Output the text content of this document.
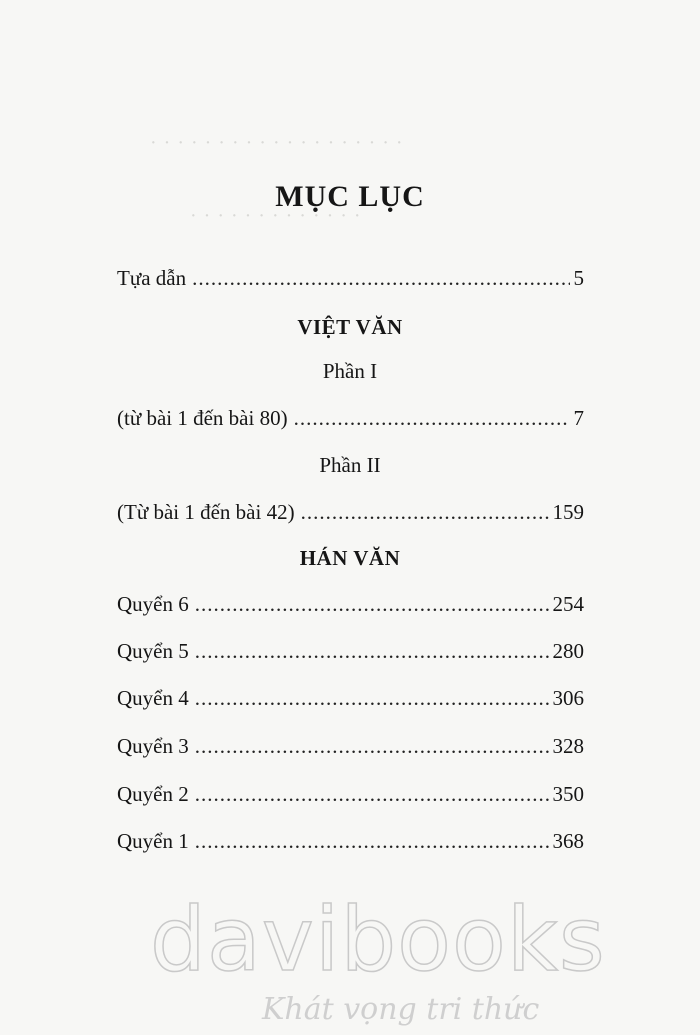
· · · · · · · · · · · · · · · · · · ·
· · · · · · · · · · · · ·
MỤC LỤC
Tựa dẫn .....	5
VIỆT VĂN
Phần I
(từ bài 1 đến bài 80) .....	7
Phần II
(Từ bài 1 đến bài 42) .....	159
HÁN VĂN
Quyển 6 .....	254
Quyển 5 .....	280
Quyển 4 .....	306
Quyển 3 .....	328
Quyển 2 .....	350
Quyển 1 .....	368
davibooks
Khát vọng tri thức
